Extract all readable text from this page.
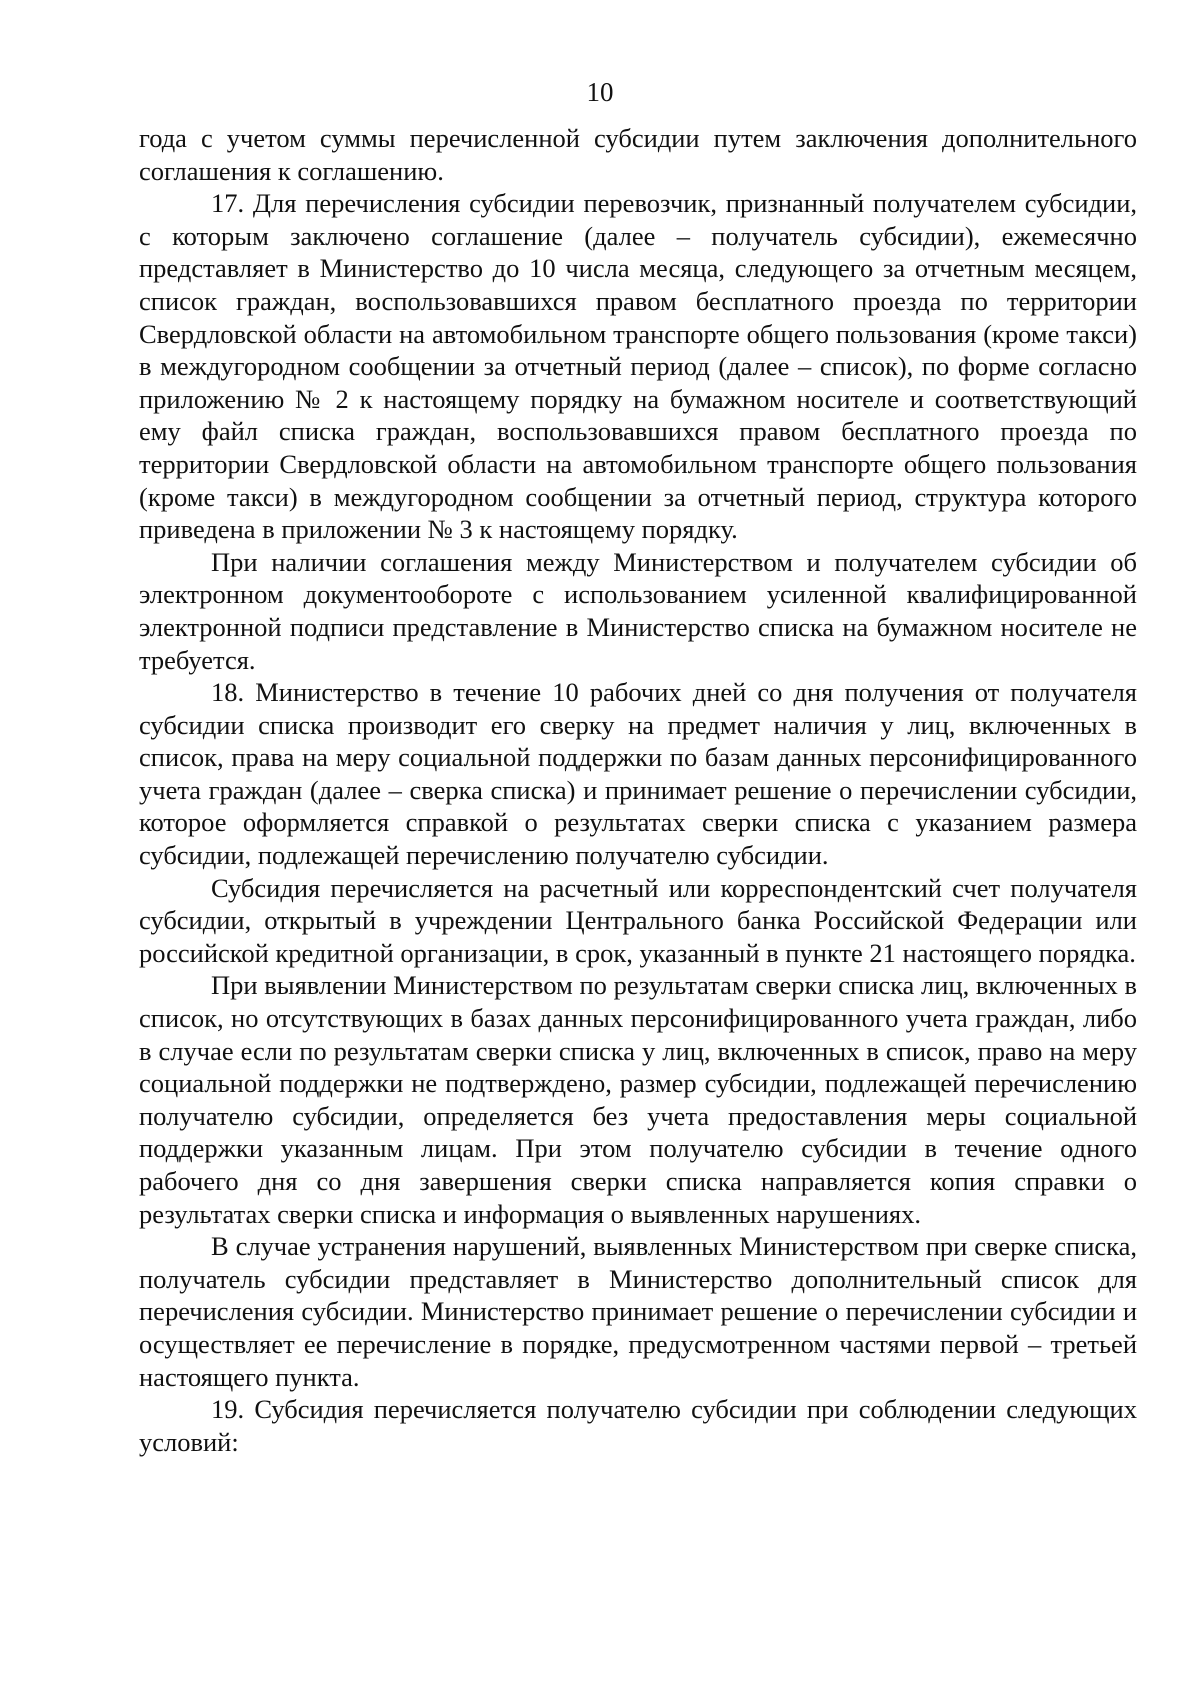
10

года с учетом суммы перечисленной субсидии путем заключения дополнительного соглашения к соглашению.

17. Для перечисления субсидии перевозчик, признанный получателем субсидии, с которым заключено соглашение (далее – получатель субсидии), ежемесячно представляет в Министерство до 10 числа месяца, следующего за отчетным месяцем, список граждан, воспользовавшихся правом бесплатного проезда по территории Свердловской области на автомобильном транспорте общего пользования (кроме такси) в междугородном сообщении за отчетный период (далее – список), по форме согласно приложению № 2 к настоящему порядку на бумажном носителе и соответствующий ему файл списка граждан, воспользовавшихся правом бесплатного проезда по территории Свердловской области на автомобильном транспорте общего пользования (кроме такси) в междугородном сообщении за отчетный период, структура которого приведена в приложении № 3 к настоящему порядку.

При наличии соглашения между Министерством и получателем субсидии об электронном документообороте с использованием усиленной квалифицированной электронной подписи представление в Министерство списка на бумажном носителе не требуется.

18. Министерство в течение 10 рабочих дней со дня получения от получателя субсидии списка производит его сверку на предмет наличия у лиц, включенных в список, права на меру социальной поддержки по базам данных персонифицированного учета граждан (далее – сверка списка) и принимает решение о перечислении субсидии, которое оформляется справкой о результатах сверки списка с указанием размера субсидии, подлежащей перечислению получателю субсидии.

Субсидия перечисляется на расчетный или корреспондентский счет получателя субсидии, открытый в учреждении Центрального банка Российской Федерации или российской кредитной организации, в срок, указанный в пункте 21 настоящего порядка.

При выявлении Министерством по результатам сверки списка лиц, включенных в список, но отсутствующих в базах данных персонифицированного учета граждан, либо в случае если по результатам сверки списка у лиц, включенных в список, право на меру социальной поддержки не подтверждено, размер субсидии, подлежащей перечислению получателю субсидии, определяется без учета предоставления меры социальной поддержки указанным лицам. При этом получателю субсидии в течение одного рабочего дня со дня завершения сверки списка направляется копия справки о результатах сверки списка и информация о выявленных нарушениях.

В случае устранения нарушений, выявленных Министерством при сверке списка, получатель субсидии представляет в Министерство дополнительный список для перечисления субсидии. Министерство принимает решение о перечислении субсидии и осуществляет ее перечисление в порядке, предусмотренном частями первой – третьей настоящего пункта.

19. Субсидия перечисляется получателю субсидии при соблюдении следующих условий:
